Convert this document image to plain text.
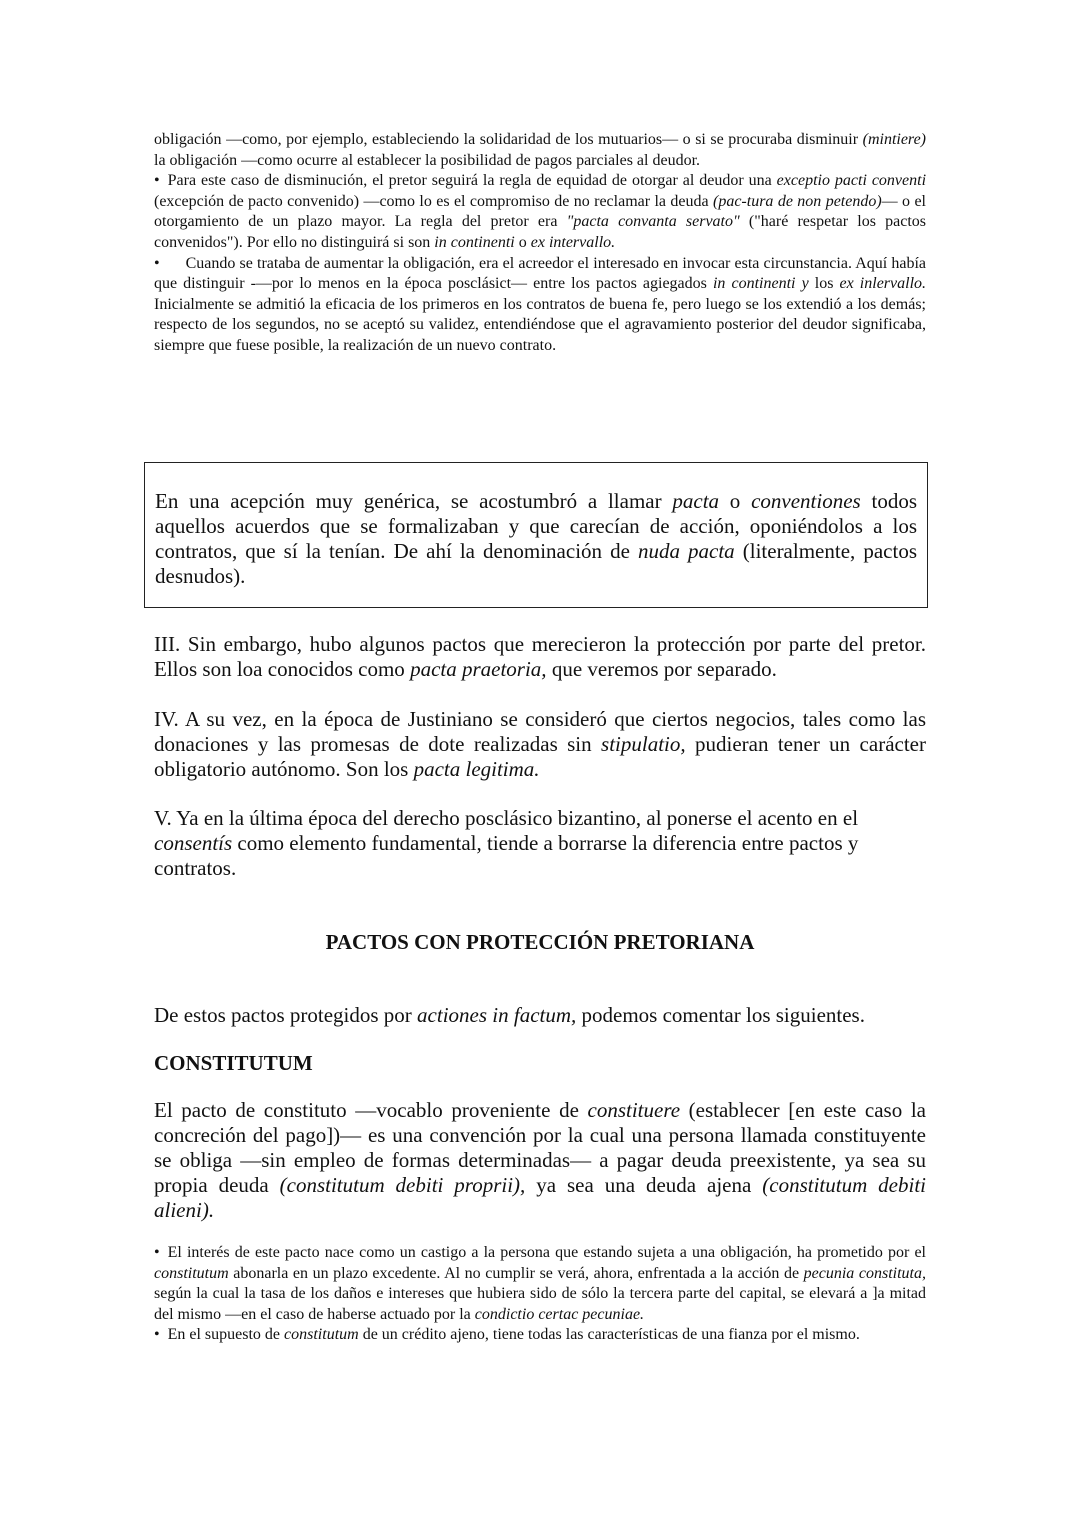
obligación —como, por ejemplo, estableciendo la solidaridad de los mutuarios— o si se procuraba disminuir (mintiere) la obligación —como ocurre al establecer la posibilidad de pagos parciales al deudor.

• Para este caso de disminución, el pretor seguirá la regla de equidad de otorgar al deudor una exceptio pacti conventi (excepción de pacto convenido) —como lo es el compromiso de no reclamar la deuda (pac-tura de non petendo)— o el otorgamiento de un plazo mayor. La regla del pretor era "pacta convanta servato" ("haré respetar los pactos convenidos"). Por ello no distinguirá si son in continenti o ex intervallo.

• Cuando se trataba de aumentar la obligación, era el acreedor el interesado en invocar esta circunstancia. Aquí había que distinguir -—por lo menos en la época posclásict— entre los pactos agiegados in continenti y los ex inlervallo. Inicialmente se admitió la eficacia de los primeros en los contratos de buena fe, pero luego se los extendió a los demás; respecto de los segundos, no se aceptó su validez, entendiéndose que el agravamiento posterior del deudor significaba, siempre que fuese posible, la realización de un nuevo contrato.

En una acepción muy genérica, se acostumbró a llamar pacta o conventiones todos aquellos acuerdos que se formalizaban y que carecían de acción, oponiéndolos a los contratos, que sí la tenían. De ahí la denominación de nuda pacta (literalmente, pactos desnudos).

III. Sin embargo, hubo algunos pactos que merecieron la protección por parte del pretor. Ellos son loa conocidos como pacta praetoria, que veremos por separado.

IV. A su vez, en la época de Justiniano se consideró que ciertos negocios, tales como las donaciones y las promesas de dote realizadas sin stipulatio, pudieran tener un carácter obligatorio autónomo. Son los pacta legitima.

V. Ya en la última época del derecho posclásico bizantino, al ponerse el acento en el consentís como elemento fundamental, tiende a borrarse la diferencia entre pactos y contratos.

PACTOS CON PROTECCIÓN PRETORIANA

De estos pactos protegidos por actiones in factum, podemos comentar los siguientes.

CONSTITUTUM

El pacto de constituto —vocablo proveniente de constituere (establecer [en este caso la concreción del pago])— es una convención por la cual una persona llamada constituyente se obliga —sin empleo de formas determinadas— a pagar deuda preexistente, ya sea su propia deuda (constitutum debiti proprii), ya sea una deuda ajena (constitutum debiti alieni).

• El interés de este pacto nace como un castigo a la persona que estando sujeta a una obligación, ha prometido por el constitutum abonarla en un plazo excedente. Al no cumplir se verá, ahora, enfrentada a la acción de pecunia constituta, según la cual la tasa de los daños e intereses que hubiera sido de sólo la tercera parte del capital, se elevará a ]a mitad del mismo —en el caso de haberse actuado por la condictio certac pecuniae.

• En el supuesto de constitutum de un crédito ajeno, tiene todas las características de una fianza por el mismo.
